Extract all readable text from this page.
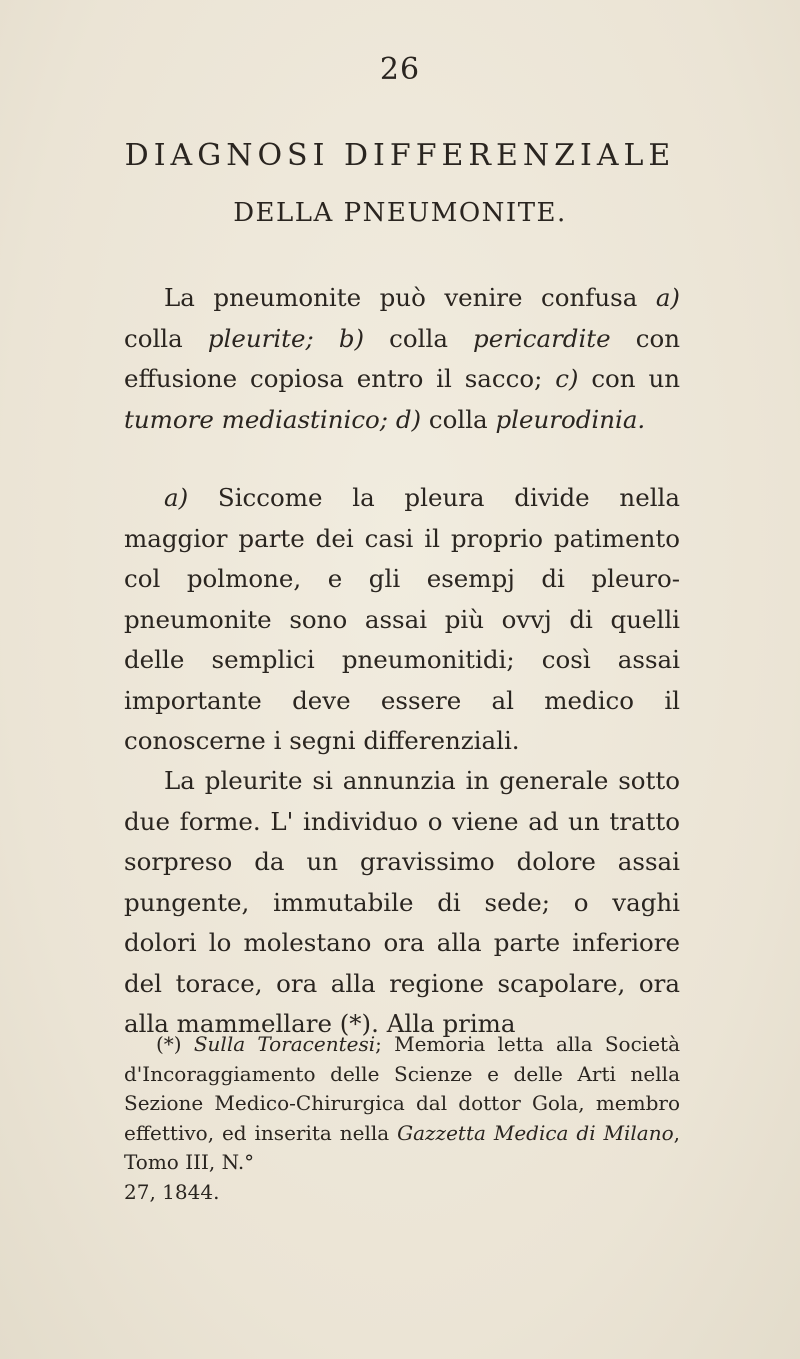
26
DIAGNOSI DIFFERENZIALE
DELLA PNEUMONITE.

La pneumonite può venire confusa a) colla pleurite; b) colla pericardite con effusione copiosa entro il sacco; c) con un tumore mediastinico; d) colla pleurodinia.

a) Siccome la pleura divide nella maggior parte dei casi il proprio patimento col polmone, e gli esempj di pleuro-pneumonite sono assai più ovvj di quelli delle semplici pneumonitidi; così assai importante deve essere al medico il conoscerne i segni differenziali.

La pleurite si annunzia in generale sotto due forme. L' individuo o viene ad un tratto sorpreso da un gravissimo dolore assai pungente, immutabile di sede; o vaghi dolori lo molestano ora alla parte inferiore del torace, ora alla regione scapolare, ora alla mammellare (*). Alla prima

(*) Sulla Toracentesi; Memoria letta alla Società d'Incoraggiamento delle Scienze e delle Arti nella Sezione Medico-Chirurgica dal dottor Gola, membro effettivo, ed inserita nella Gazzetta Medica di Milano, Tomo III, N.°
27, 1844.
